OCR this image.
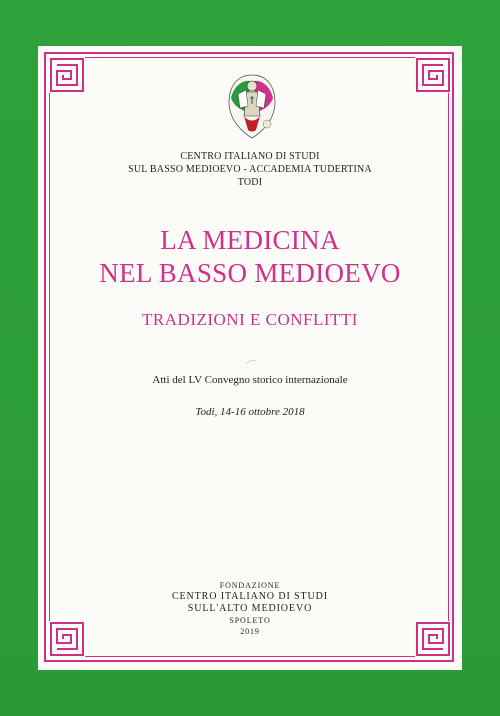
CENTRO ITALIANO DI STUDI
SUL BASSO MEDIOEVO - ACCADEMIA TUDERTINA
TODI
LA MEDICINA
NEL BASSO MEDIOEVO
TRADIZIONI E CONFLITTI
Atti del LV Convegno storico internazionale
Todi, 14-16 ottobre 2018
FONDAZIONE
CENTRO ITALIANO DI STUDI
SULL'ALTO MEDIOEVO
SPOLETO
2019
